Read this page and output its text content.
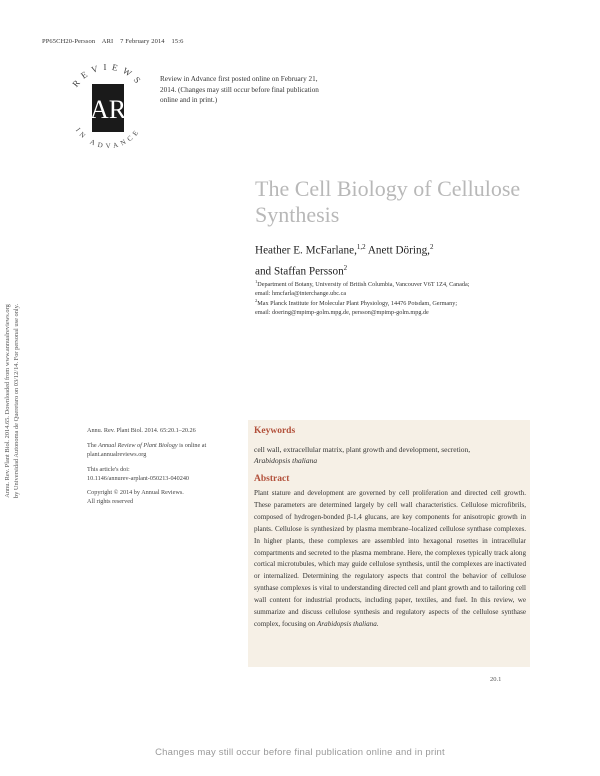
PP65CH20-Persson    ARI    7 February 2014    15:6
Annu. Rev. Plant Biol. 2014.65. Downloaded from www.annualreviews.org by Universidad Autonoma de Queretaro on 03/12/14. For personal use only.
REVIEWS
AR
IN ADVANCE
Review in Advance first posted online on February 21, 2014. (Changes may still occur before final publication online and in print.)
The Cell Biology of Cellulose
Synthesis
Heather E. McFarlane,$^{1,2}$ Anett Döring,$^2$
and Staffan Persson$^2$
$^1$Department of Botany, University of British Columbia, Vancouver V6T 1Z4, Canada;
email: hmcfarla@interchange.ubc.ca
$^2$Max Planck Institute for Molecular Plant Physiology, 14476 Potsdam, Germany;
email: doering@mpimp-golm.mpg.de, persson@mpimp-golm.mpg.de
Annu. Rev. Plant Biol. 2014. 65:20.1–20.26
The Annual Review of Plant Biology is online at plant.annualreviews.org
This article's doi:
10.1146/annurev-arplant-050213-040240
Copyright © 2014 by Annual Reviews.
All rights reserved
Keywords
cell wall, extracellular matrix, plant growth and development, secretion,
Arabidopsis thaliana
Abstract
Plant stature and development are governed by cell proliferation and directed cell growth. These parameters are determined largely by cell wall characteristics. Cellulose microfibrils, composed of hydrogen-bonded β-1,4 glucans, are key components for anisotropic growth in plants. Cellulose is synthesized by plasma membrane–localized cellulose synthase complexes. In higher plants, these complexes are assembled into hexagonal rosettes in intracellular compartments and secreted to the plasma membrane. Here, the complexes typically track along cortical microtubules, which may guide cellulose synthesis, until the complexes are inactivated or internalized. Determining the regulatory aspects that control the behavior of cellulose synthase complexes is vital to understanding directed cell and plant growth and to tailoring cell wall content for industrial products, including paper, textiles, and fuel. In this review, we summarize and discuss cellulose synthesis and regulatory aspects of the cellulose synthase complex, focusing on Arabidopsis thaliana.
20.1
Changes may still occur before final publication online and in print
